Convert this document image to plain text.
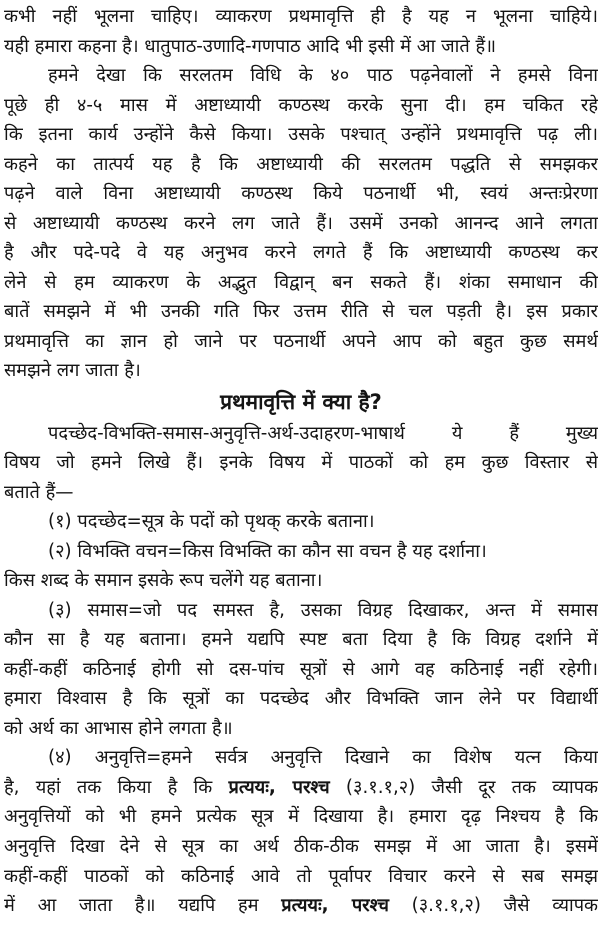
कभी नहीं भूलना चाहिए। व्याकरण प्रथमावृत्ति ही है यह न भूलना चाहिये।
यही हमारा कहना है। धातुपाठ-उणादि-गणपाठ आदि भी इसी में आ जाते हैं॥
हमने देखा कि सरलतम विधि के ४० पाठ पढ़नेवालों ने हमसे विना
पूछे ही ४-५ मास में अष्टाध्यायी कण्ठस्थ करके सुना दी। हम चकित रहे
कि इतना कार्य उन्होंने कैसे किया। उसके पश्चात् उन्होंने प्रथमावृत्ति पढ़ ली।
कहने का तात्पर्य यह है कि अष्टाध्यायी की सरलतम पद्धति से समझकर
पढ़ने वाले विना अष्टाध्यायी कण्ठस्थ किये पठनार्थी भी, स्वयं अन्तःप्रेरणा
से अष्टाध्यायी कण्ठस्थ करने लग जाते हैं। उसमें उनको आनन्द आने लगता
है और पदे-पदे वे यह अनुभव करने लगते हैं कि अष्टाध्यायी कण्ठस्थ कर
लेने से हम व्याकरण के अद्भुत विद्वान् बन सकते हैं। शंका समाधान की
बातें समझने में भी उनकी गति फिर उत्तम रीति से चल पड़ती है। इस प्रकार
प्रथमावृत्ति का ज्ञान हो जाने पर पठनार्थी अपने आप को बहुत कुछ समर्थ
समझने लग जाता है।
प्रथमावृत्ति में क्या है?
पदच्छेद-विभक्ति-समास-अनुवृत्ति-अर्थ-उदाहरण-भाषार्थ ये हैं मुख्य
विषय जो हमने लिखे हैं। इनके विषय में पाठकों को हम कुछ विस्तार से
बताते हैं—
(१) पदच्छेद=सूत्र के पदों को पृथक् करके बताना।
(२) विभक्ति वचन=किस विभक्ति का कौन सा वचन है यह दर्शाना।
किस शब्द के समान इसके रूप चलेंगे यह बताना।
(३) समास=जो पद समस्त है, उसका विग्रह दिखाकर, अन्त में समास
कौन सा है यह बताना। हमने यद्यपि स्पष्ट बता दिया है कि विग्रह दर्शाने में
कहीं-कहीं कठिनाई होगी सो दस-पांच सूत्रों से आगे वह कठिनाई नहीं रहेगी।
हमारा विश्वास है कि सूत्रों का पदच्छेद और विभक्ति जान लेने पर विद्यार्थी
को अर्थ का आभास होने लगता है॥
(४) अनुवृत्ति=हमने सर्वत्र अनुवृत्ति दिखाने का विशेष यत्न किया
है, यहां तक किया है कि प्रत्ययः, परश्च (३.१.१,२) जैसी दूर तक व्यापक
अनुवृत्तियों को भी हमने प्रत्येक सूत्र में दिखाया है। हमारा दृढ़ निश्चय है कि
अनुवृत्ति दिखा देने से सूत्र का अर्थ ठीक-ठीक समझ में आ जाता है। इसमें
कहीं-कहीं पाठकों को कठिनाई आवे तो पूर्वापर विचार करने से सब समझ
में आ जाता है॥ यद्यपि हम प्रत्ययः, परश्च (३.१.१,२) जैसे व्यापक
